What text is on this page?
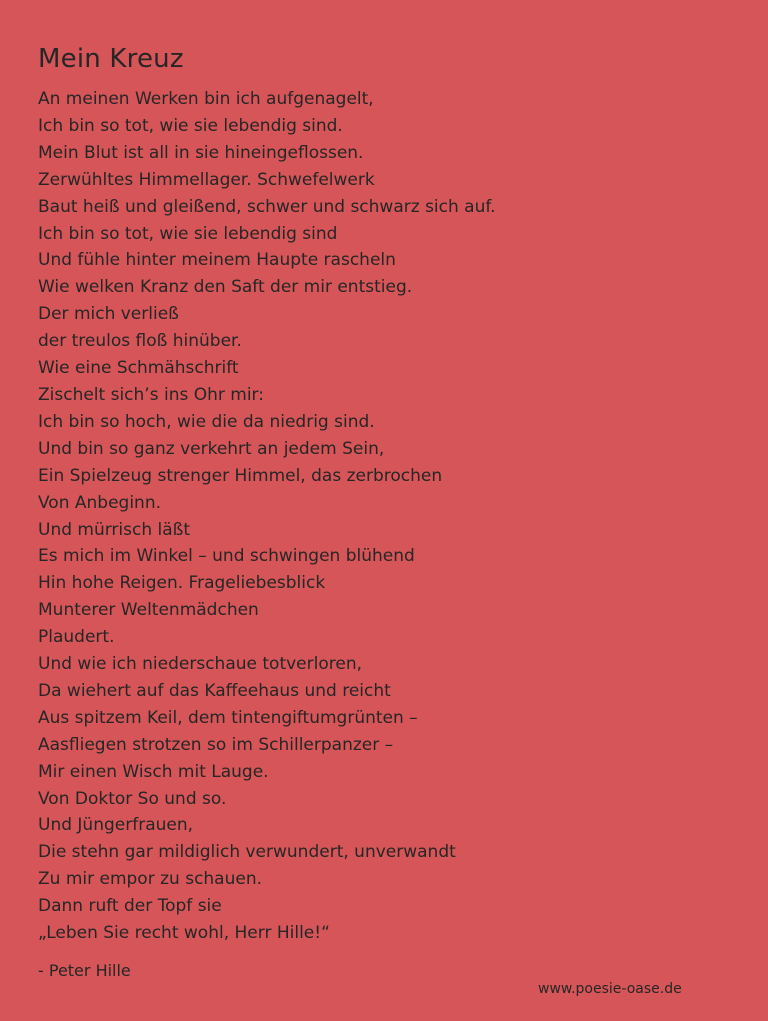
Mein Kreuz
An meinen Werken bin ich aufgenagelt,
Ich bin so tot, wie sie lebendig sind.
Mein Blut ist all in sie hineingeflossen.
Zerwühltes Himmellager. Schwefelwerk
Baut heiß und gleißend, schwer und schwarz sich auf.
Ich bin so tot, wie sie lebendig sind
Und fühle hinter meinem Haupte rascheln
Wie welken Kranz den Saft der mir entstieg.
Der mich verließ
der treulos floß hinüber.
Wie eine Schmähschrift
Zischelt sich’s ins Ohr mir:
Ich bin so hoch, wie die da niedrig sind.
Und bin so ganz verkehrt an jedem Sein,
Ein Spielzeug strenger Himmel, das zerbrochen
Von Anbeginn.
Und mürrisch läßt
Es mich im Winkel – und schwingen blühend
Hin hohe Reigen. Frageliebesblick
Munterer Weltenmädchen
Plaudert.
Und wie ich niederschaue totverloren,
Da wiehert auf das Kaffeehaus und reicht
Aus spitzem Keil, dem tintengiftumgrünten –
Aasfliegen strotzen so im Schillerpanzer –
Mir einen Wisch mit Lauge.
Von Doktor So und so.
Und Jüngerfrauen,
Die stehn gar mildiglich verwundert, unverwandt
Zu mir empor zu schauen.
Dann ruft der Topf sie
„Leben Sie recht wohl, Herr Hille!“
- Peter Hille
www.poesie-oase.de
